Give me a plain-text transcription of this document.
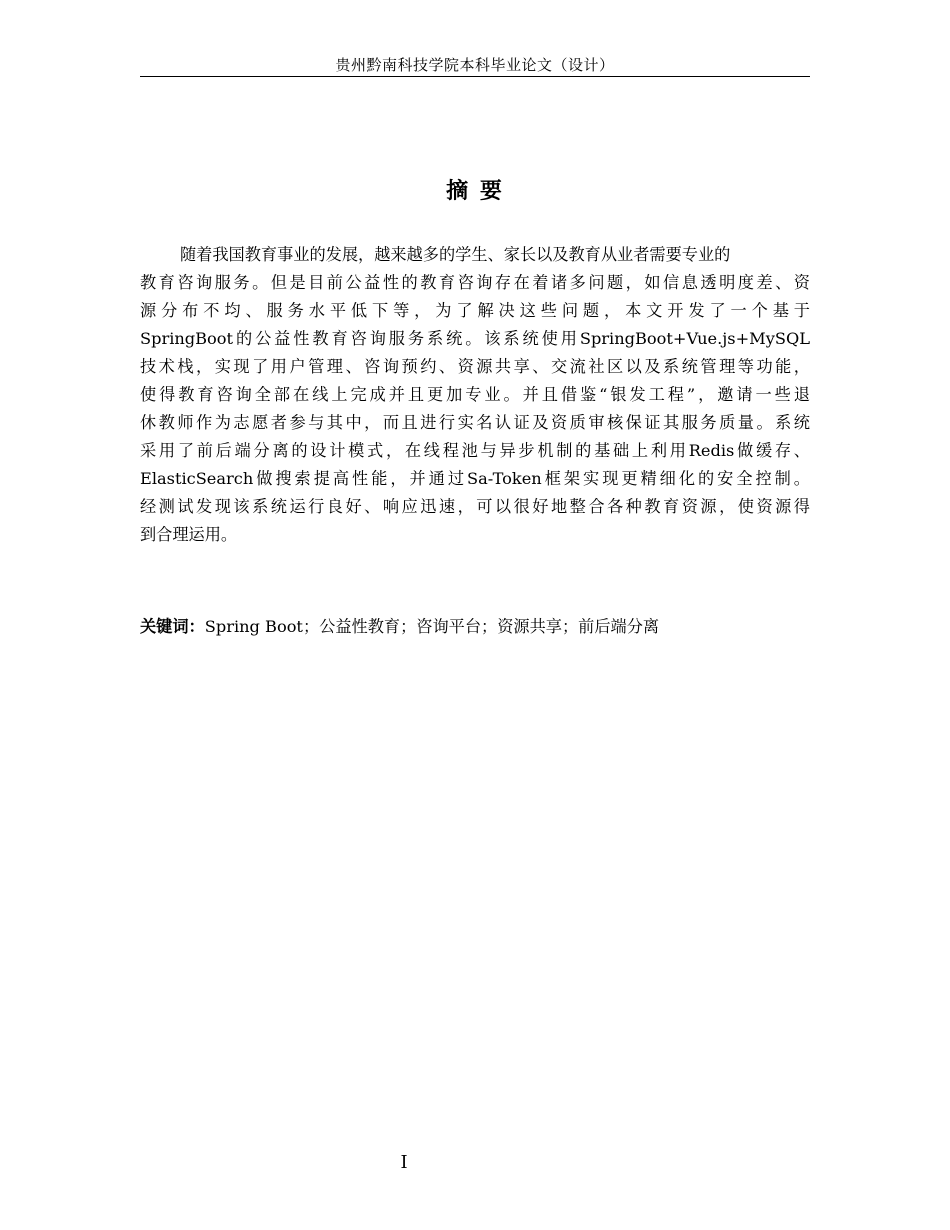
贵州黔南科技学院本科毕业论文（设计）
摘 要
随着我国教育事业的发展，越来越多的学生、家长以及教育从业者需要专业的
教育咨询服务。但是目前公益性的教育咨询存在着诸多问题，如信息透明度差、资
源分布不均、服务水平低下等，为了解决这些问题，本文开发了一个基于
SpringBoot的公益性教育咨询服务系统。该系统使用SpringBoot+Vue.js+MySQL
技术栈，实现了用户管理、咨询预约、资源共享、交流社区以及系统管理等功能，
使得教育咨询全部在线上完成并且更加专业。并且借鉴“银发工程”，邀请一些退
休教师作为志愿者参与其中，而且进行实名认证及资质审核保证其服务质量。系统
采用了前后端分离的设计模式，在线程池与异步机制的基础上利用Redis做缓存、
ElasticSearch做搜索提高性能，并通过Sa-Token框架实现更精细化的安全控制。
经测试发现该系统运行良好、响应迅速，可以很好地整合各种教育资源，使资源得
到合理运用。
关键词：Spring Boot；公益性教育；咨询平台；资源共享；前后端分离
I
